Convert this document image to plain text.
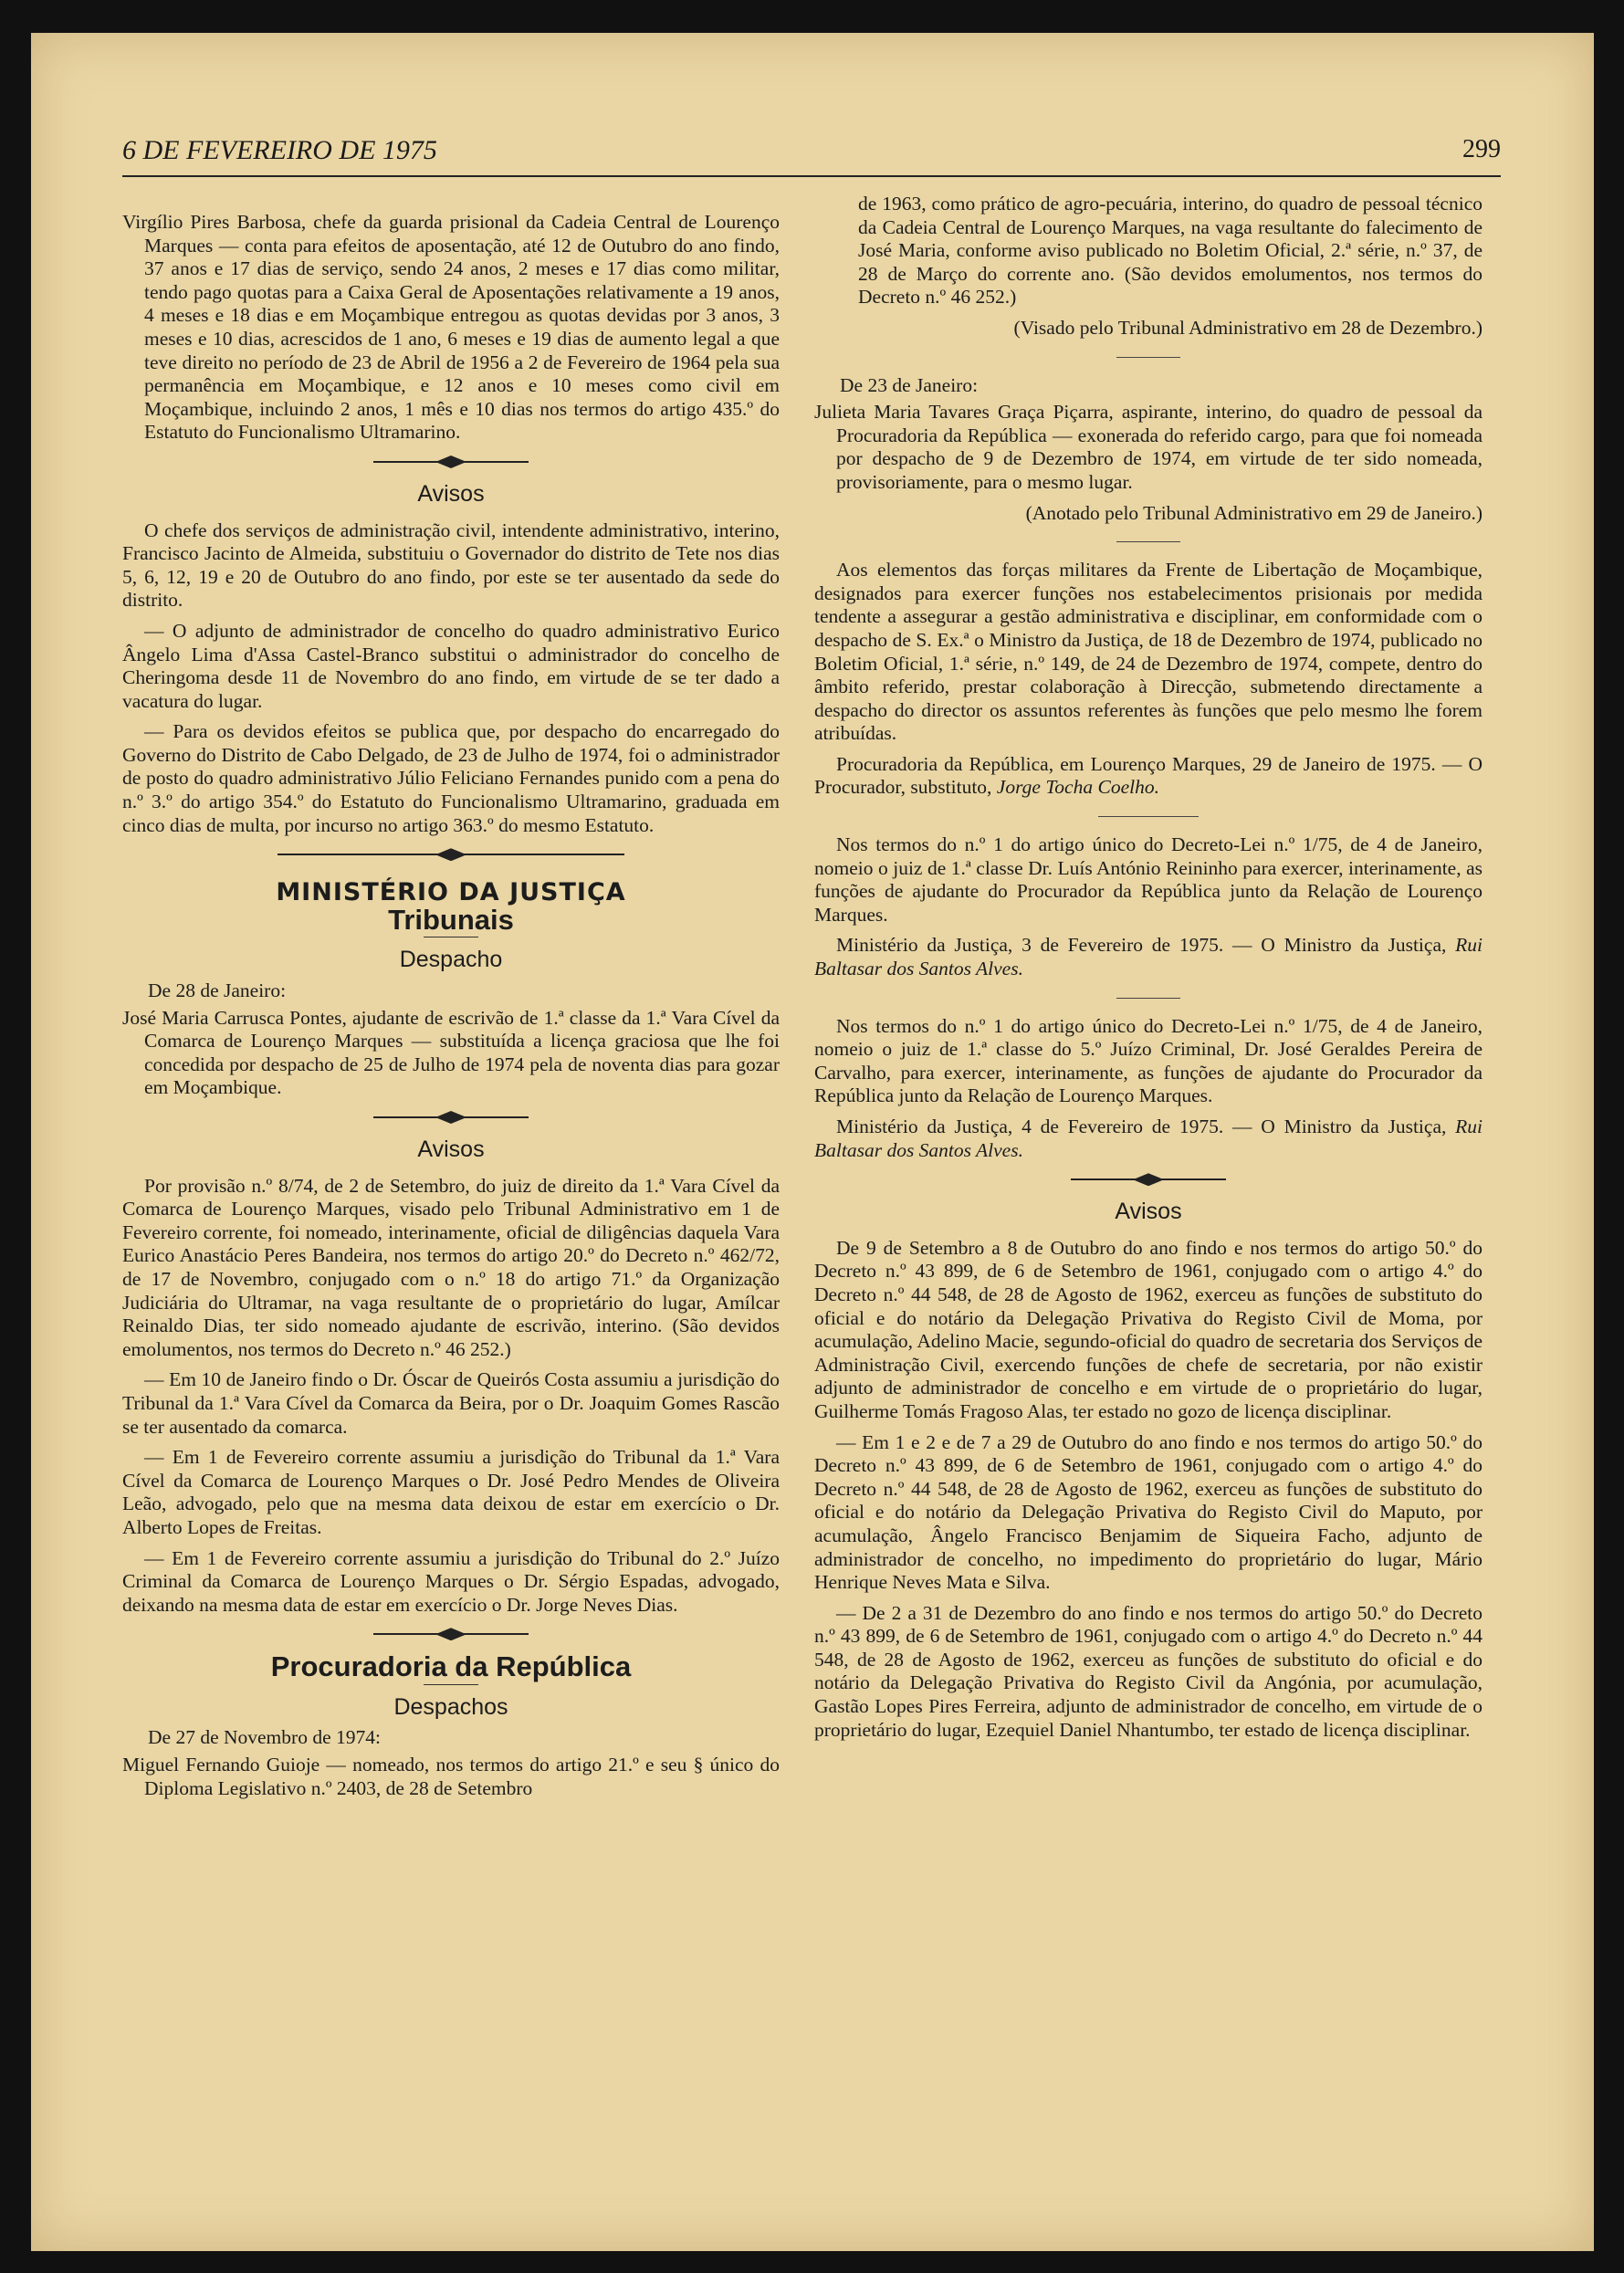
6 DE FEVEREIRO DE 1975	299

Virgílio Pires Barbosa, chefe da guarda prisional da Cadeia Central de Lourenço Marques — conta para efeitos de aposentação, até 12 de Outubro do ano findo, 37 anos e 17 dias de serviço, sendo 24 anos, 2 meses e 17 dias como militar, tendo pago quotas para a Caixa Geral de Aposentações relativamente a 19 anos, 4 meses e 18 dias e em Moçambique entregou as quotas devidas por 3 anos, 3 meses e 10 dias, acrescidos de 1 ano, 6 meses e 19 dias de aumento legal a que teve direito no período de 23 de Abril de 1956 a 2 de Fevereiro de 1964 pela sua permanência em Moçambique, e 12 anos e 10 meses como civil em Moçambique, incluindo 2 anos, 1 mês e 10 dias nos termos do artigo 435.º do Estatuto do Funcionalismo Ultramarino.

Avisos

O chefe dos serviços de administração civil, intendente administrativo, interino, Francisco Jacinto de Almeida, substituiu o Governador do distrito de Tete nos dias 5, 6, 12, 19 e 20 de Outubro do ano findo, por este se ter ausentado da sede do distrito.

— O adjunto de administrador de concelho do quadro administrativo Eurico Ângelo Lima d'Assa Castel-Branco substitui o administrador do concelho de Cheringoma desde 11 de Novembro do ano findo, em virtude de se ter dado a vacatura do lugar.

— Para os devidos efeitos se publica que, por despacho do encarregado do Governo do Distrito de Cabo Delgado, de 23 de Julho de 1974, foi o administrador de posto do quadro administrativo Júlio Feliciano Fernandes punido com a pena do n.º 3.º do artigo 354.º do Estatuto do Funcionalismo Ultramarino, graduada em cinco dias de multa, por incurso no artigo 363.º do mesmo Estatuto.

MINISTÉRIO DA JUSTIÇA
Tribunais
Despacho

De 28 de Janeiro:

José Maria Carrusca Pontes, ajudante de escrivão de 1.ª classe da 1.ª Vara Cível da Comarca de Lourenço Marques — substituída a licença graciosa que lhe foi concedida por despacho de 25 de Julho de 1974 pela de noventa dias para gozar em Moçambique.

Avisos

Por provisão n.º 8/74, de 2 de Setembro, do juiz de direito da 1.ª Vara Cível da Comarca de Lourenço Marques, visado pelo Tribunal Administrativo em 1 de Fevereiro corrente, foi nomeado, interinamente, oficial de diligências daquela Vara Eurico Anastácio Peres Bandeira, nos termos do artigo 20.º do Decreto n.º 462/72, de 17 de Novembro, conjugado com o n.º 18 do artigo 71.º da Organização Judiciária do Ultramar, na vaga resultante de o proprietário do lugar, Amílcar Reinaldo Dias, ter sido nomeado ajudante de escrivão, interino. (São devidos emolumentos, nos termos do Decreto n.º 46 252.)

— Em 10 de Janeiro findo o Dr. Óscar de Queirós Costa assumiu a jurisdição do Tribunal da 1.ª Vara Cível da Comarca da Beira, por o Dr. Joaquim Gomes Rascão se ter ausentado da comarca.

— Em 1 de Fevereiro corrente assumiu a jurisdição do Tribunal da 1.ª Vara Cível da Comarca de Lourenço Marques o Dr. José Pedro Mendes de Oliveira Leão, advogado, pelo que na mesma data deixou de estar em exercício o Dr. Alberto Lopes de Freitas.

— Em 1 de Fevereiro corrente assumiu a jurisdição do Tribunal do 2.º Juízo Criminal da Comarca de Lourenço Marques o Dr. Sérgio Espadas, advogado, deixando na mesma data de estar em exercício o Dr. Jorge Neves Dias.

Procuradoria da República
Despachos

De 27 de Novembro de 1974:

Miguel Fernando Guioje — nomeado, nos termos do artigo 21.º e seu § único do Diploma Legislativo n.º 2403, de 28 de Setembro

de 1963, como prático de agro-pecuária, interino, do quadro de pessoal técnico da Cadeia Central de Lourenço Marques, na vaga resultante do falecimento de José Maria, conforme aviso publicado no Boletim Oficial, 2.ª série, n.º 37, de 28 de Março do corrente ano. (São devidos emolumentos, nos termos do Decreto n.º 46 252.)

(Visado pelo Tribunal Administrativo em 28 de Dezembro.)

De 23 de Janeiro:

Julieta Maria Tavares Graça Piçarra, aspirante, interino, do quadro de pessoal da Procuradoria da República — exonerada do referido cargo, para que foi nomeada por despacho de 9 de Dezembro de 1974, em virtude de ter sido nomeada, provisoriamente, para o mesmo lugar.

(Anotado pelo Tribunal Administrativo em 29 de Janeiro.)

Aos elementos das forças militares da Frente de Libertação de Moçambique, designados para exercer funções nos estabelecimentos prisionais por medida tendente a assegurar a gestão administrativa e disciplinar, em conformidade com o despacho de S. Ex.ª o Ministro da Justiça, de 18 de Dezembro de 1974, publicado no Boletim Oficial, 1.ª série, n.º 149, de 24 de Dezembro de 1974, compete, dentro do âmbito referido, prestar colaboração à Direcção, submetendo directamente a despacho do director os assuntos referentes às funções que pelo mesmo lhe forem atribuídas.

Procuradoria da República, em Lourenço Marques, 29 de Janeiro de 1975. — O Procurador, substituto, Jorge Tocha Coelho.

Nos termos do n.º 1 do artigo único do Decreto-Lei n.º 1/75, de 4 de Janeiro, nomeio o juiz de 1.ª classe Dr. Luís António Reininho para exercer, interinamente, as funções de ajudante do Procurador da República junto da Relação de Lourenço Marques.

Ministério da Justiça, 3 de Fevereiro de 1975. — O Ministro da Justiça, Rui Baltasar dos Santos Alves.

Nos termos do n.º 1 do artigo único do Decreto-Lei n.º 1/75, de 4 de Janeiro, nomeio o juiz de 1.ª classe do 5.º Juízo Criminal, Dr. José Geraldes Pereira de Carvalho, para exercer, interinamente, as funções de ajudante do Procurador da República junto da Relação de Lourenço Marques.

Ministério da Justiça, 4 de Fevereiro de 1975. — O Ministro da Justiça, Rui Baltasar dos Santos Alves.

Avisos

De 9 de Setembro a 8 de Outubro do ano findo e nos termos do artigo 50.º do Decreto n.º 43 899, de 6 de Setembro de 1961, conjugado com o artigo 4.º do Decreto n.º 44 548, de 28 de Agosto de 1962, exerceu as funções de substituto do oficial e do notário da Delegação Privativa do Registo Civil de Moma, por acumulação, Adelino Macie, segundo-oficial do quadro de secretaria dos Serviços de Administração Civil, exercendo funções de chefe de secretaria, por não existir adjunto de administrador de concelho e em virtude de o proprietário do lugar, Guilherme Tomás Fragoso Alas, ter estado no gozo de licença disciplinar.

— Em 1 e 2 e de 7 a 29 de Outubro do ano findo e nos termos do artigo 50.º do Decreto n.º 43 899, de 6 de Setembro de 1961, conjugado com o artigo 4.º do Decreto n.º 44 548, de 28 de Agosto de 1962, exerceu as funções de substituto do oficial e do notário da Delegação Privativa do Registo Civil do Maputo, por acumulação, Ângelo Francisco Benjamim de Siqueira Facho, adjunto de administrador de concelho, no impedimento do proprietário do lugar, Mário Henrique Neves Mata e Silva.

— De 2 a 31 de Dezembro do ano findo e nos termos do artigo 50.º do Decreto n.º 43 899, de 6 de Setembro de 1961, conjugado com o artigo 4.º do Decreto n.º 44 548, de 28 de Agosto de 1962, exerceu as funções de substituto do oficial e do notário da Delegação Privativa do Registo Civil da Angónia, por acumulação, Gastão Lopes Pires Ferreira, adjunto de administrador de concelho, em virtude de o proprietário do lugar, Ezequiel Daniel Nhantumbo, ter estado de licença disciplinar.
